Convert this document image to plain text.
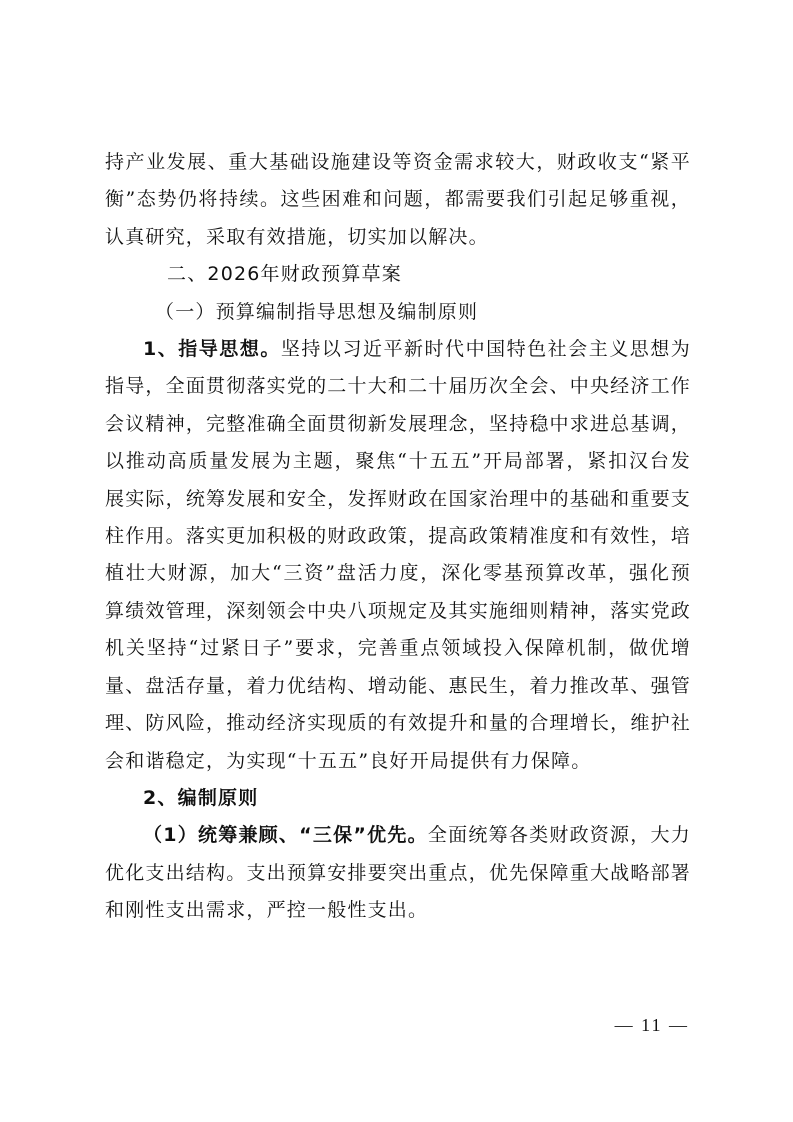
持产业发展、重大基础设施建设等资金需求较大，财政收支“紧平衡”态势仍将持续。这些困难和问题，都需要我们引起足够重视，认真研究，采取有效措施，切实加以解决。

二、2026年财政预算草案

（一）预算编制指导思想及编制原则

1、指导思想。坚持以习近平新时代中国特色社会主义思想为指导，全面贯彻落实党的二十大和二十届历次全会、中央经济工作会议精神，完整准确全面贯彻新发展理念，坚持稳中求进总基调，以推动高质量发展为主题，聚焦“十五五”开局部署，紧扣汉台发展实际，统筹发展和安全，发挥财政在国家治理中的基础和重要支柱作用。落实更加积极的财政政策，提高政策精准度和有效性，培植壮大财源，加大“三资”盘活力度，深化零基预算改革，强化预算绩效管理，深刻领会中央八项规定及其实施细则精神，落实党政机关坚持“过紧日子”要求，完善重点领域投入保障机制，做优增量、盘活存量，着力优结构、增动能、惠民生，着力推改革、强管理、防风险，推动经济实现质的有效提升和量的合理增长，维护社会和谐稳定，为实现“十五五”良好开局提供有力保障。

2、编制原则

（1）统筹兼顾、“三保”优先。全面统筹各类财政资源，大力优化支出结构。支出预算安排要突出重点，优先保障重大战略部署和刚性支出需求，严控一般性支出。

— 11 —
